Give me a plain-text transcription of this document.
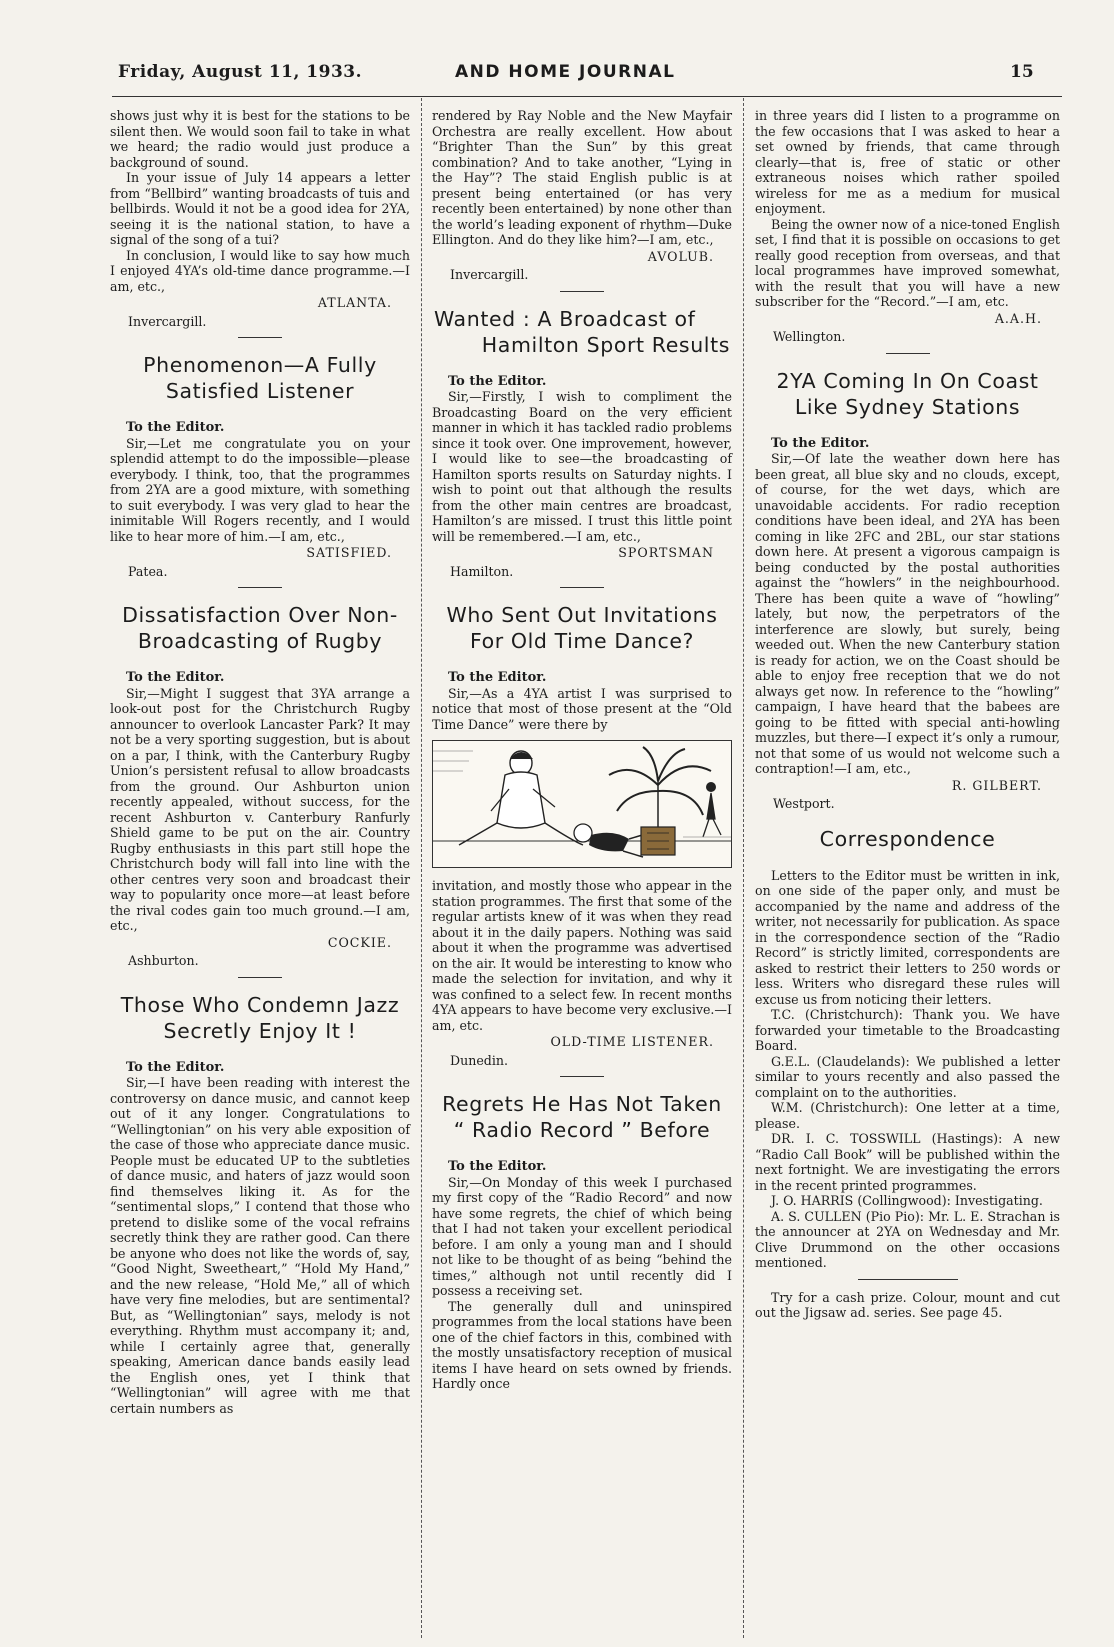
Friday, August 11, 1933.	AND HOME JOURNAL	15

shows just why it is best for the stations to be silent then. We would soon fail to take in what we heard; the radio would just produce a background of sound.

In your issue of July 14 appears a letter from “Bellbird” wanting broadcasts of tuis and bellbirds. Would it not be a good idea for 2YA, seeing it is the national station, to have a signal of the song of a tui?

In conclusion, I would like to say how much I enjoyed 4YA’s old-time dance programme.—I am, etc.,

ATLANTA.
Invercargill.
Phenomenon—A Fully
Satisfied Listener

To the Editor.

Sir,—Let me congratulate you on your splendid attempt to do the impossible—please everybody. I think, too, that the programmes from 2YA are a good mixture, with something to suit everybody. I was very glad to hear the inimitable Will Rogers recently, and I would like to hear more of him.—I am, etc.,

SATISFIED.
Patea.
Dissatisfaction Over Non-
Broadcasting of Rugby

To the Editor.

Sir,—Might I suggest that 3YA arrange a look-out post for the Christchurch Rugby announcer to overlook Lancaster Park? It may not be a very sporting suggestion, but is about on a par, I think, with the Canterbury Rugby Union’s persistent refusal to allow broadcasts from the ground. Our Ashburton union recently appealed, without success, for the recent Ashburton v. Canterbury Ranfurly Shield game to be put on the air. Country Rugby enthusiasts in this part still hope the Christchurch body will fall into line with the other centres very soon and broadcast their way to popularity once more—at least before the rival codes gain too much ground.—I am, etc.,

COCKIE.
Ashburton.
Those Who Condemn Jazz
Secretly Enjoy It !

To the Editor.

Sir,—I have been reading with interest the controversy on dance music, and cannot keep out of it any longer. Congratulations to “Wellingtonian” on his very able exposition of the case of those who appreciate dance music. People must be educated UP to the subtleties of dance music, and haters of jazz would soon find themselves liking it. As for the “sentimental slops,” I contend that those who pretend to dislike some of the vocal refrains secretly think they are rather good. Can there be anyone who does not like the words of, say, “Good Night, Sweetheart,” “Hold My Hand,” and the new release, “Hold Me,” all of which have very fine melodies, but are sentimental? But, as “Wellingtonian” says, melody is not everything. Rhythm must accompany it; and, while I certainly agree that, generally speaking, American dance bands easily lead the English ones, yet I think that “Wellingtonian” will agree with me that certain numbers as

rendered by Ray Noble and the New Mayfair Orchestra are really excellent. How about “Brighter Than the Sun” by this great combination? And to take another, “Lying in the Hay”? The staid English public is at present being entertained (or has very recently been entertained) by none other than the world’s leading exponent of rhythm—Duke Ellington. And do they like him?—I am, etc.,

AVOLUB.
Invercargill.
Wanted : A Broadcast of
Hamilton Sport Results

To the Editor.

Sir,—Firstly, I wish to compliment the Broadcasting Board on the very efficient manner in which it has tackled radio problems since it took over. One improvement, however, I would like to see—the broadcasting of Hamilton sports results on Saturday nights. I wish to point out that although the results from the other main centres are broadcast, Hamilton’s are missed. I trust this little point will be remembered.—I am, etc.,

SPORTSMAN
Hamilton.
Who Sent Out Invitations
For Old Time Dance?

To the Editor.

Sir,—As a 4YA artist I was surprised to notice that most of those present at the “Old Time Dance” were there by

invitation, and mostly those who appear in the station programmes. The first that some of the regular artists knew of it was when they read about it in the daily papers. Nothing was said about it when the programme was advertised on the air. It would be interesting to know who made the selection for invitation, and why it was confined to a select few. In recent months 4YA appears to have become very exclusive.—I am, etc.

OLD-TIME LISTENER.
Dunedin.
Regrets He Has Not Taken
“ Radio Record ” Before

To the Editor.

Sir,—On Monday of this week I purchased my first copy of the “Radio Record” and now have some regrets, the chief of which being that I had not taken your excellent periodical before. I am only a young man and I should not like to be thought of as being “behind the times,” although not until recently did I possess a receiving set.

The generally dull and uninspired programmes from the local stations have been one of the chief factors in this, combined with the mostly unsatisfactory reception of musical items I have heard on sets owned by friends. Hardly once

in three years did I listen to a programme on the few occasions that I was asked to hear a set owned by friends, that came through clearly—that is, free of static or other extraneous noises which rather spoiled wireless for me as a medium for musical enjoyment.

Being the owner now of a nice-toned English set, I find that it is possible on occasions to get really good reception from overseas, and that local programmes have improved somewhat, with the result that you will have a new subscriber for the “Record.”—I am, etc.

A.A.H.
Wellington.
2YA Coming In On Coast
Like Sydney Stations

To the Editor.

Sir,—Of late the weather down here has been great, all blue sky and no clouds, except, of course, for the wet days, which are unavoidable accidents. For radio reception conditions have been ideal, and 2YA has been coming in like 2FC and 2BL, our star stations down here. At present a vigorous campaign is being conducted by the postal authorities against the “howlers” in the neighbourhood. There has been quite a wave of “howling” lately, but now, the perpetrators of the interference are slowly, but surely, being weeded out. When the new Canterbury station is ready for action, we on the Coast should be able to enjoy free reception that we do not always get now. In reference to the “howling” campaign, I have heard that the babees are going to be fitted with special anti-howling muzzles, but there—I expect it’s only a rumour, not that some of us would not welcome such a contraption!—I am, etc.,

R. GILBERT.
Westport.
Correspondence

Letters to the Editor must be written in ink, on one side of the paper only, and must be accompanied by the name and address of the writer, not necessarily for publication. As space in the correspondence section of the “Radio Record” is strictly limited, correspondents are asked to restrict their letters to 250 words or less. Writers who disregard these rules will excuse us from noticing their letters.

T.C. (Christchurch): Thank you. We have forwarded your timetable to the Broadcasting Board.

G.E.L. (Claudelands): We published a letter similar to yours recently and also passed the complaint on to the authorities.

W.M. (Christchurch): One letter at a time, please.

DR. I. C. TOSSWILL (Hastings): A new “Radio Call Book” will be published within the next fortnight. We are investigating the errors in the recent printed programmes.

J. O. HARRIS (Collingwood): Investigating.

A. S. CULLEN (Pio Pio): Mr. L. E. Strachan is the announcer at 2YA on Wednesday and Mr. Clive Drummond on the other occasions mentioned.

Try for a cash prize. Colour, mount and cut out the Jigsaw ad. series. See page 45.
